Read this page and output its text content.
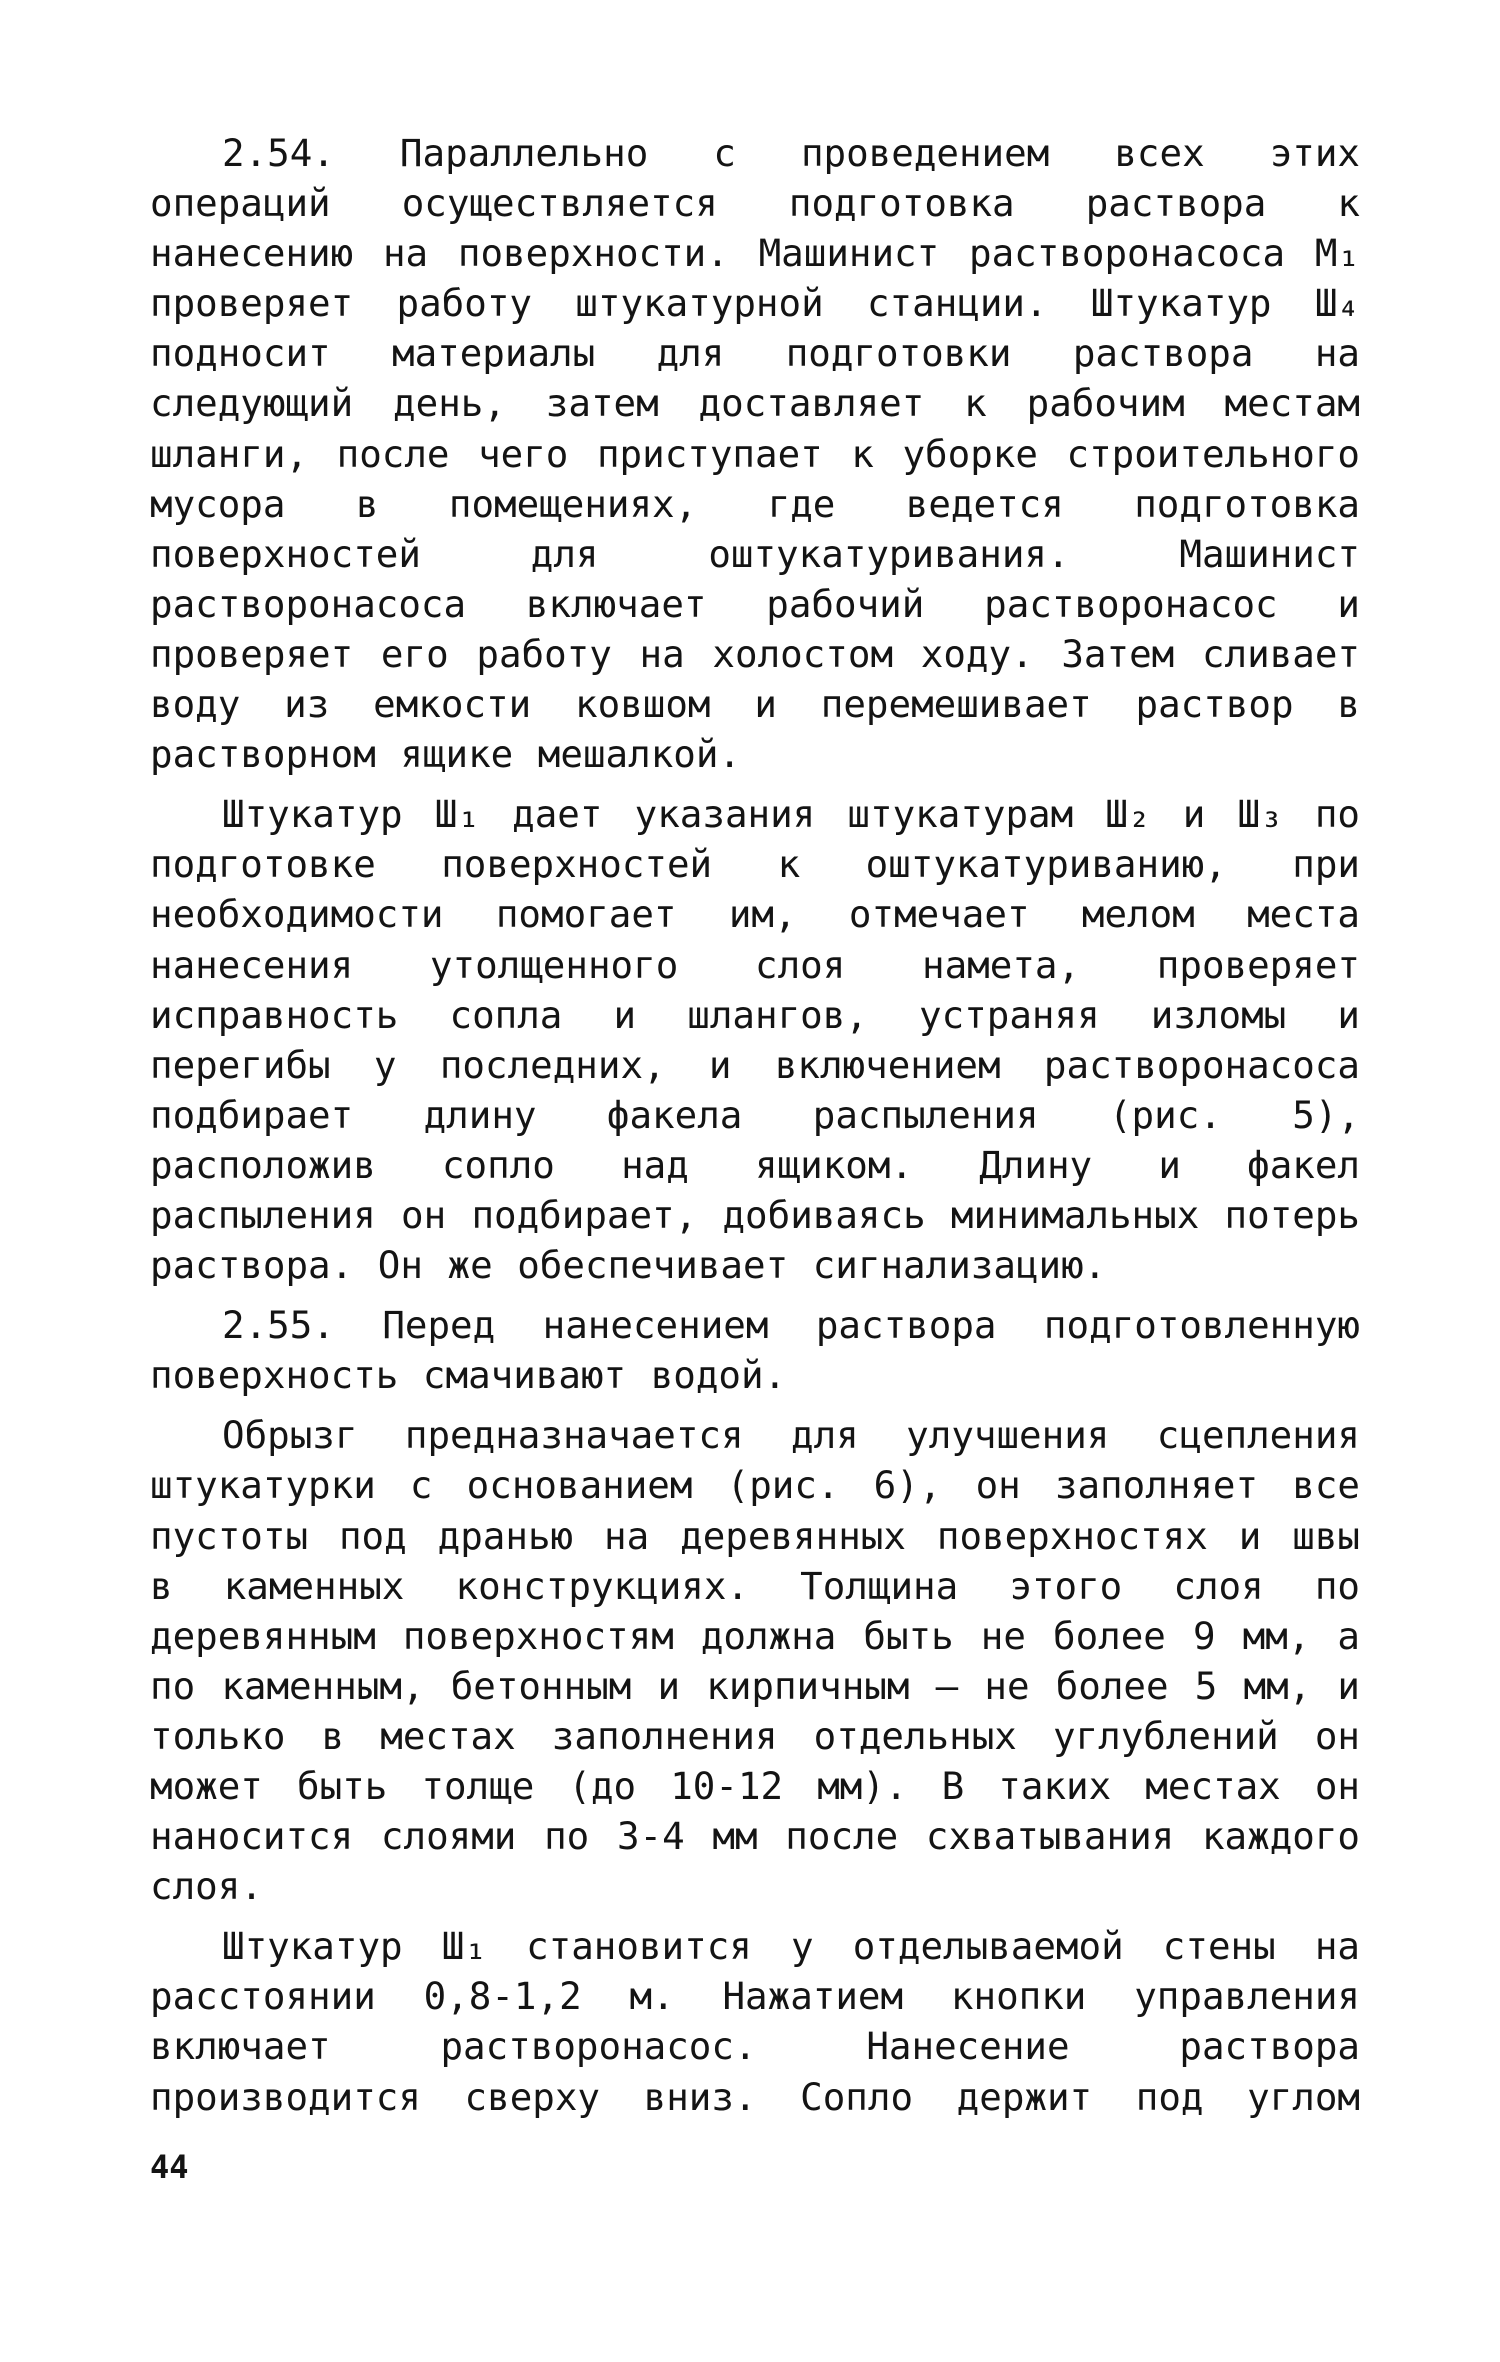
2.54. Параллельно с проведением всех этих операций осуществляется подготовка раствора к нанесению на поверхности. Машинист растворонасоса М₁ проверяет работу штукатурной станции. Штукатур Ш₄ подносит материалы для подготовки раствора на следующий день, затем доставляет к рабочим местам шланги, после чего приступает к уборке строительного мусора в помещениях, где ведется подготовка поверхностей для оштукатуривания. Машинист растворонасоса включает рабочий растворонасос и проверяет его работу на холостом ходу. Затем сливает воду из емкости ковшом и перемешивает раствор в растворном ящике мешалкой.

Штукатур Ш₁ дает указания штукатурам Ш₂ и Ш₃ по подготовке поверхностей к оштукатуриванию, при необходимости помогает им, отмечает мелом места нанесения утолщенного слоя намета, проверяет исправность сопла и шлангов, устраняя изломы и перегибы у последних, и включением растворонасоса подбирает длину факела распыления (рис. 5), расположив сопло над ящиком. Длину и факел распыления он подбирает, добиваясь минимальных потерь раствора. Он же обеспечивает сигнализацию.

2.55. Перед нанесением раствора подготовленную поверхность смачивают водой.

Обрызг предназначается для улучшения сцепления штукатурки с основанием (рис. 6), он заполняет все пустоты под дранью на деревянных поверхностях и швы в каменных конструкциях. Толщина этого слоя по деревянным поверхностям должна быть не более 9 мм, а по каменным, бетонным и кирпичным — не более 5 мм, и только в местах заполнения отдельных углублений он может быть толще (до 10-12 мм). В таких местах он наносится слоями по 3-4 мм после схватывания каждого слоя.

Штукатур Ш₁ становится у отделываемой стены на расстоянии 0,8-1,2 м. Нажатием кнопки управления включает растворонасос. Нанесение раствора производится сверху вниз. Сопло держит под углом

44
